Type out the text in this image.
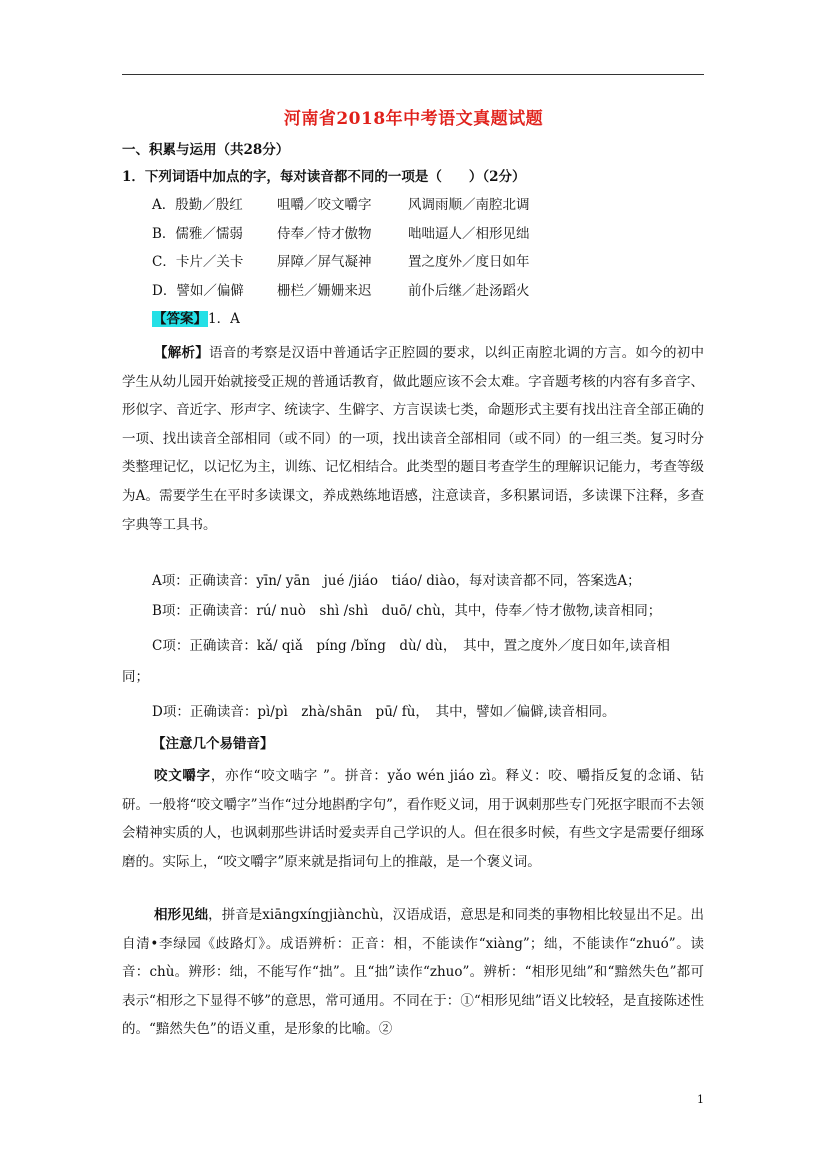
河南省2018年中考语文真题试题
一、积累与运用（共28分）
1．下列词语中加点的字，每对读音都不同的一项是（　　）（2分）
A．殷勤／殷红	咀嚼／咬文嚼字	风调雨顺／南腔北调
B．儒雅／懦弱	侍奉／恃才傲物	咄咄逼人／相形见绌
C．卡片／关卡 屏障／屏气凝神	置之度外／度日如年
D．譬如／偏僻 栅栏／姗姗来迟	前仆后继／赴汤蹈火
【答案】1．A
【解析】语音的考察是汉语中普通话字正腔圆的要求，以纠正南腔北调的方言。如今的初中学生从幼儿园开始就接受正规的普通话教育，做此题应该不会太难。字音题考核的内容有多音字、形似字、音近字、形声字、统读字、生僻字、方言误读七类，命题形式主要有找出注音全部正确的一项、找出读音全部相同（或不同）的一项，找出读音全部相同（或不同）的一组三类。复习时分类整理记忆，以记忆为主，训练、记忆相结合。此类型的题目考查学生的理解识记能力，考查等级为A。需要学生在平时多读课文，养成熟练地语感，注意读音，多积累词语，多读课下注释，多查字典等工具书。
A项：正确读音：yīn/ yān　jué /jiáo　tiáo/ diào，每对读音都不同，答案选A；
B项：正确读音：rú/ nuò　shì /shì　duō/ chù，其中，侍奉／恃才傲物,读音相同；
C项：正确读音：kǎ/ qiǎ　píng /bǐng　dù/ dù，　其中，置之度外／度日如年,读音相
同；
D项：正确读音：pì/pì　zhà/shān　pū/ fù，　其中，譬如／偏僻,读音相同。
【注意几个易错音】
咬文嚼字，亦作“咬文啮字 ”。拼音：yǎo wén jiáo zì。释义：咬、嚼指反复的念诵、钻研。一般将“咬文嚼字”当作“过分地斟酌字句”，看作贬义词，用于讽刺那些专门死抠字眼而不去领会精神实质的人，也讽刺那些讲话时爱卖弄自己学识的人。但在很多时候，有些文字是需要仔细琢磨的。实际上，“咬文嚼字”原来就是指词句上的推敲，是一个褒义词。
相形见绌，拼音是xiāngxíngjiànchù，汉语成语，意思是和同类的事物相比较显出不足。出自清•李绿园《歧路灯》。成语辨析：正音：相，不能读作“xiàng”；绌，不能读作“zhuó”。读音：chù。辨形：绌，不能写作“拙”。且“拙”读作“zhuo”。辨析：“相形见绌”和“黯然失色”都可表示“相形之下显得不够”的意思，常可通用。不同在于：①“相形见绌”语义比较轻，是直接陈述性的。“黯然失色”的语义重，是形象的比喻。②
1
